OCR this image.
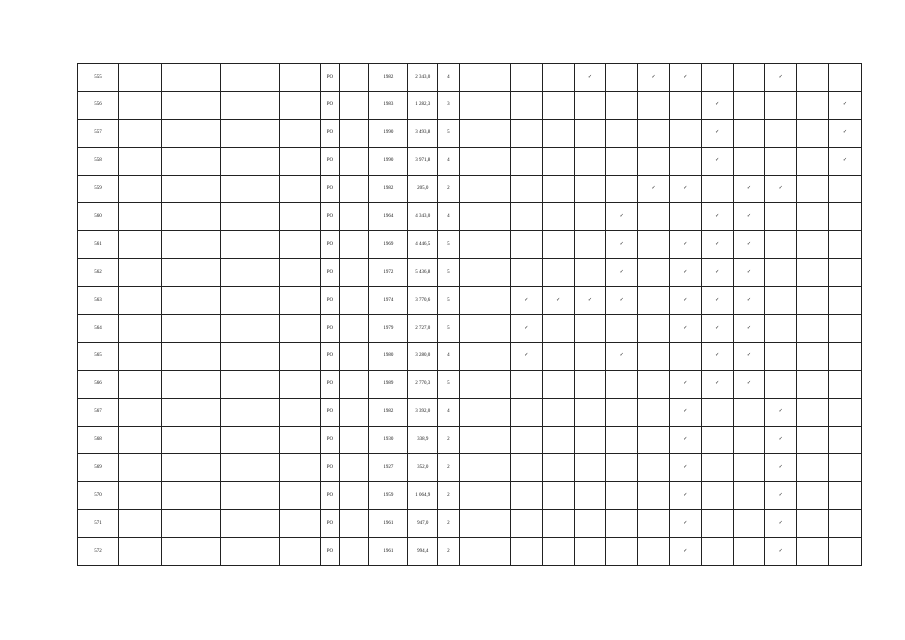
555					PO		1982	2 343,0	4				✓		✓	✓			✓		
556					PO		1983	1 282,3	3								✓				✓
557					PO		1990	3 493,8	5								✓				✓
558					PO		1990	3 971,8	4								✓				✓
559					PO		1982	205,0	2						✓	✓		✓	✓		
560					PO		1964	4 343,0	4					✓			✓	✓			
561					PO		1969	4 446,5	5					✓		✓	✓	✓			
562					PO		1972	5 436,8	5					✓		✓	✓	✓			
563					PO		1974	3 770,6	5		✓	✓	✓	✓		✓	✓	✓			
564					PO		1979	2 727,0	5		✓					✓	✓	✓			
565					PO		1980	3 280,0	4		✓			✓			✓	✓			
566					PO		1989	2 770,3	5							✓	✓	✓			
567					PO		1982	3 392,0	4							✓			✓		
568					PO		1930	338,9	2							✓			✓		
569					PO		1927	352,0	2							✓			✓		
570					PO		1959	1 064,9	2							✓			✓		
571					PO		1961	947,0	2							✓			✓		
572					PO		1961	994,4	2							✓			✓		
